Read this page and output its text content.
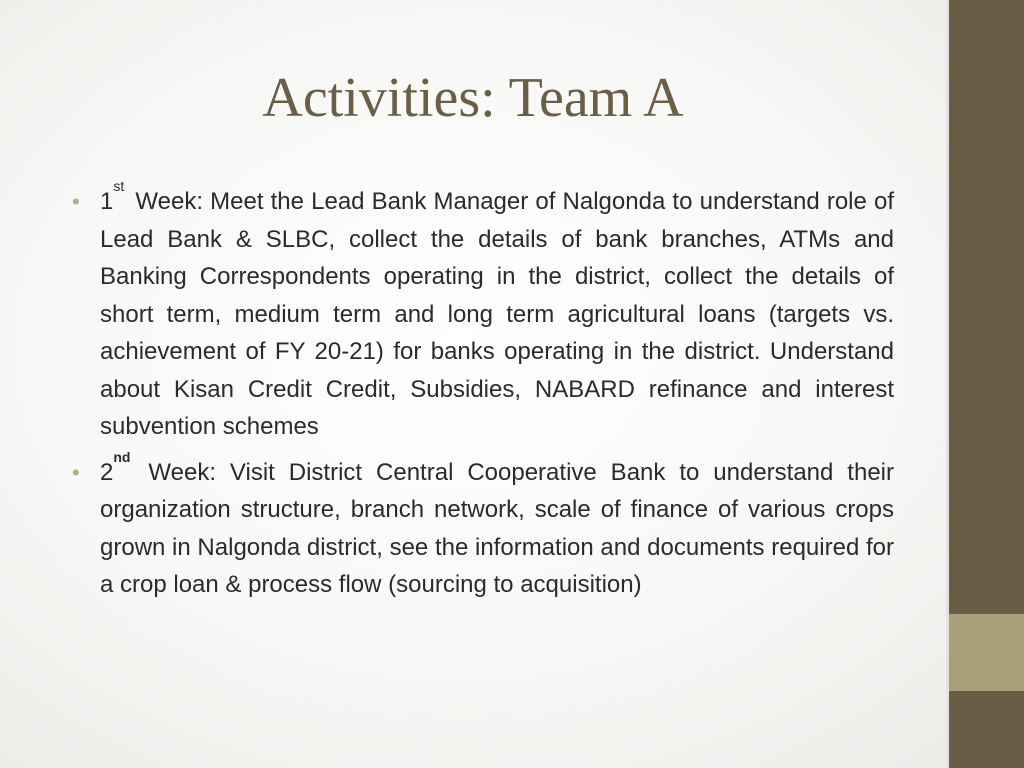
Activities: Team A
• 1st Week: Meet the Lead Bank Manager of Nalgonda to understand role of Lead Bank & SLBC, collect the details of bank branches, ATMs and Banking Correspondents operating in the district, collect the details of short term, medium term and long term agricultural loans (targets vs. achievement of FY 20-21) for banks operating in the district. Understand about Kisan Credit Credit, Subsidies, NABARD refinance and interest subvention schemes
• 2nd Week: Visit District Central Cooperative Bank to understand their organization structure, branch network, scale of finance of various crops grown in Nalgonda district, see the information and documents required for a crop loan & process flow (sourcing to acquisition)
